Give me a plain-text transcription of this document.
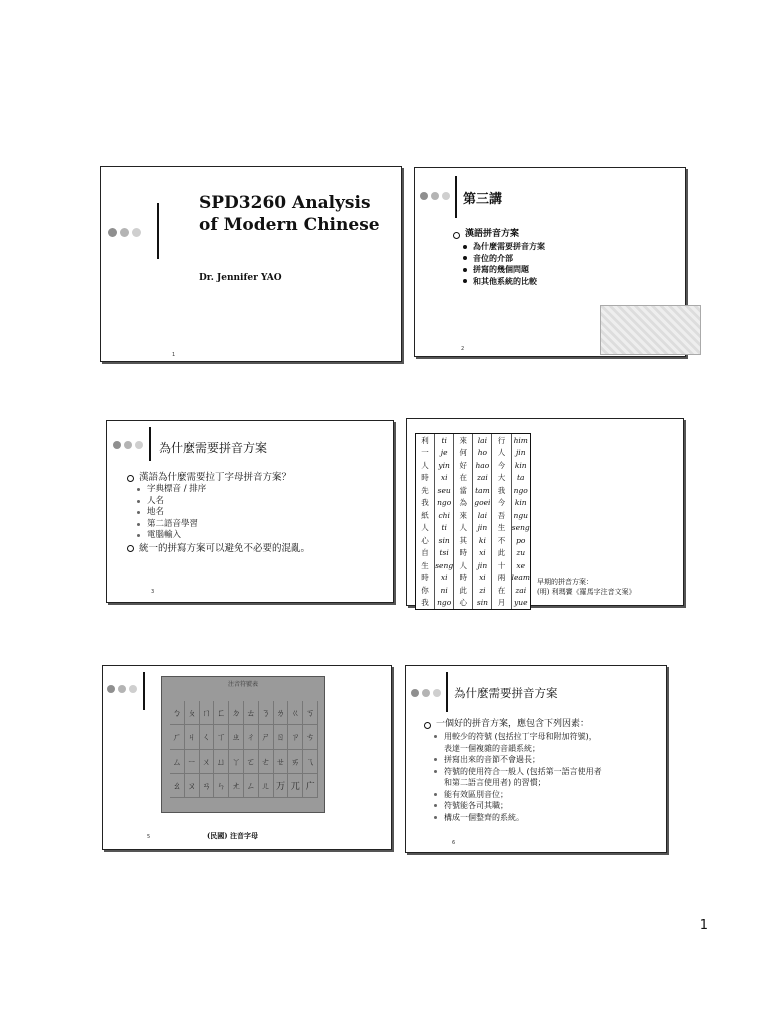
SPD3260 Analysis of Modern Chinese
Dr. Jennifer YAO
1
第三講
漢語拼音方案
為什麼需要拼音方案
音位的介部
拼寫的幾個問題
和其他系統的比較
2
為什麼需要拼音方案
漢語為什麼需要拉丁字母拼音方案？
字典標音 / 排序
人名
地名
第二語音學習
電腦輸入
統一的拼寫方案可以避免不必要的混亂。
3
利
一
人
時
先
我
紙
人
心
自
生
時
你
我
ti
je
yin
xi
seu
ngo
chi
ti
sin
tsi
seng
xi
ni
ngo
來
何
好
在
當
為
來
人
其
時
人
時
此
心
lai
ho
hao
zai
tam
goei
lai
jin
ki
xi
jin
xi
zi
sin
行
人
今
大
我
今
吾
生
不
此
十
兩
在
月
him
jin
kin
ta
ngo
kin
ngu
seng
po
zu
xe
leam
zai
yue
早期的拼音方案：
(明) 利瑪竇《羅馬字注音文案》
注音符號表
ㄅ ㄆ ㄇ ㄈ ㄉ ㄊ ㄋ ㄌ ㄍ ㄎ
ㄏ ㄐ ㄑ ㄒ ㄓ ㄔ ㄕ ㄖ ㄗ ㄘ
ㄙ ㄧ ㄨ ㄩ ㄚ ㄛ ㄜ ㄝ ㄞ ㄟ
ㄠ ㄡ ㄢ ㄣ ㄤ ㄥ ㄦ ㄪ ㄫ ㄬ
(民國) 注音字母
5
為什麼需要拼音方案
一個好的拼音方案，應包含下列因素：
用較少的符號 (包括拉丁字母和附加符號)，
表達一個複雜的音韻系統；
拼寫出來的音節不會過長；
符號的使用符合一般人 (包括第一語言使用者
和第二語言使用者) 的習慣；
能有效區別音位；
符號能各司其職；
構成一個整齊的系統。
6
1
